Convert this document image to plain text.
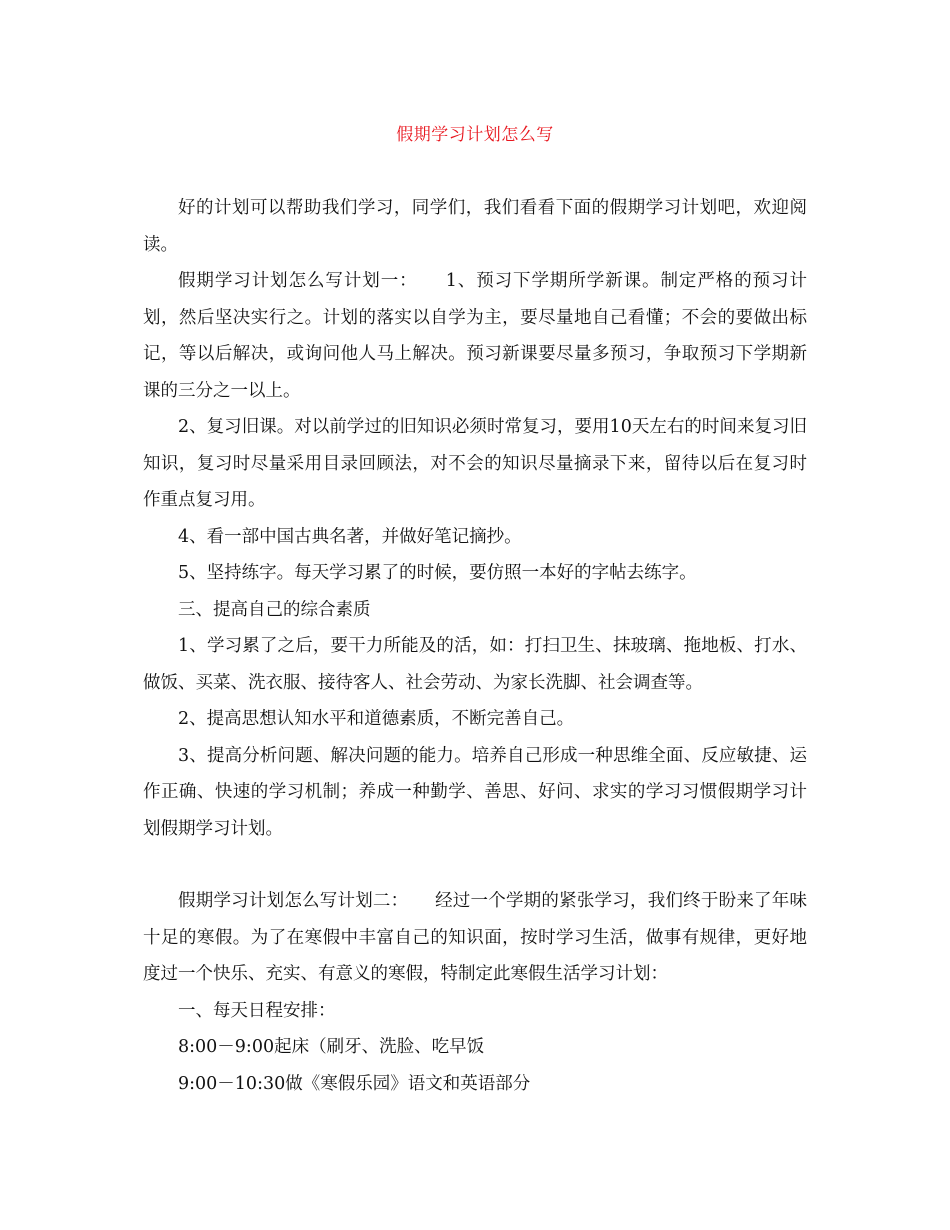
假期学习计划怎么写

好的计划可以帮助我们学习，同学们，我们看看下面的假期学习计划吧，欢迎阅读。

假期学习计划怎么写计划一：　　1、预习下学期所学新课。制定严格的预习计划，然后坚决实行之。计划的落实以自学为主，要尽量地自己看懂；不会的要做出标记，等以后解决，或询问他人马上解决。预习新课要尽量多预习，争取预习下学期新课的三分之一以上。

2、复习旧课。对以前学过的旧知识必须时常复习，要用10天左右的时间来复习旧知识，复习时尽量采用目录回顾法，对不会的知识尽量摘录下来，留待以后在复习时作重点复习用。

4、看一部中国古典名著，并做好笔记摘抄。

5、坚持练字。每天学习累了的时候，要仿照一本好的字帖去练字。

三、提高自己的综合素质

1、学习累了之后，要干力所能及的活，如：打扫卫生、抹玻璃、拖地板、打水、做饭、买菜、洗衣服、接待客人、社会劳动、为家长洗脚、社会调查等。

2、提高思想认知水平和道德素质，不断完善自己。

3、提高分析问题、解决问题的能力。培养自己形成一种思维全面、反应敏捷、运作正确、快速的学习机制；养成一种勤学、善思、好问、求实的学习习惯假期学习计划假期学习计划。

假期学习计划怎么写计划二：　　经过一个学期的紧张学习，我们终于盼来了年味十足的寒假。为了在寒假中丰富自己的知识面，按时学习生活，做事有规律，更好地度过一个快乐、充实、有意义的寒假，特制定此寒假生活学习计划：

一、每天日程安排：

8:00－9:00起床（刷牙、洗脸、吃早饭

9:00－10:30做《寒假乐园》语文和英语部分
